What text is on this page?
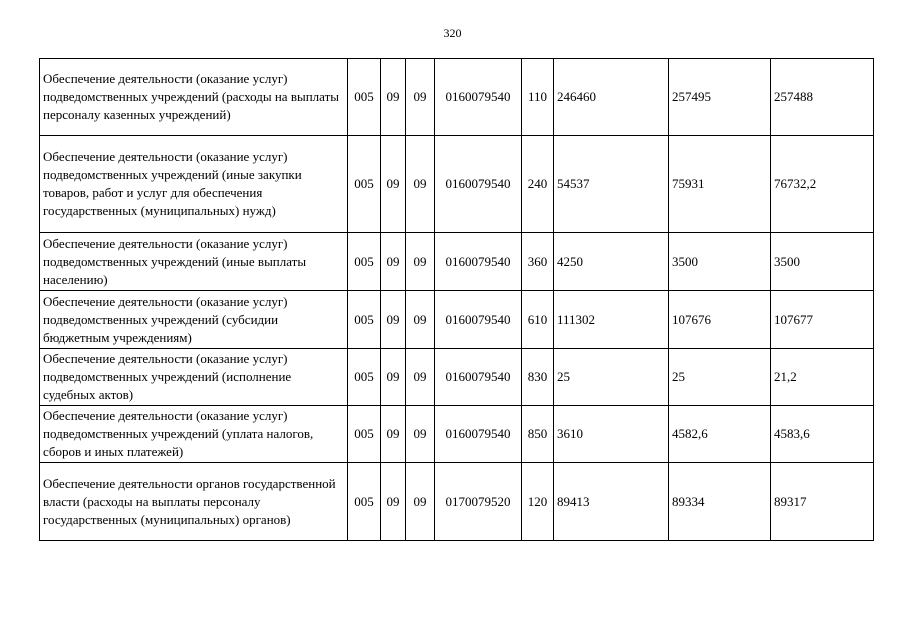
320
Обеспечение деятельности (оказание услуг) подведомственных учреждений (расходы на выплаты персоналу казенных учреждений)	005	09	09	0160079540	110	246460	257495	257488
Обеспечение деятельности (оказание услуг) подведомственных учреждений (иные закупки товаров, работ и услуг для обеспечения государственных (муниципальных) нужд)	005	09	09	0160079540	240	54537	75931	76732,2
Обеспечение деятельности (оказание услуг) подведомственных учреждений (иные выплаты населению)	005	09	09	0160079540	360	4250	3500	3500
Обеспечение деятельности (оказание услуг) подведомственных учреждений (субсидии бюджетным учреждениям)	005	09	09	0160079540	610	111302	107676	107677
Обеспечение деятельности (оказание услуг) подведомственных учреждений (исполнение судебных актов)	005	09	09	0160079540	830	25	25	21,2
Обеспечение деятельности (оказание услуг) подведомственных учреждений (уплата налогов, сборов и иных платежей)	005	09	09	0160079540	850	3610	4582,6	4583,6
Обеспечение деятельности органов государственной власти (расходы на выплаты персоналу государственных (муниципальных) органов)	005	09	09	0170079520	120	89413	89334	89317
